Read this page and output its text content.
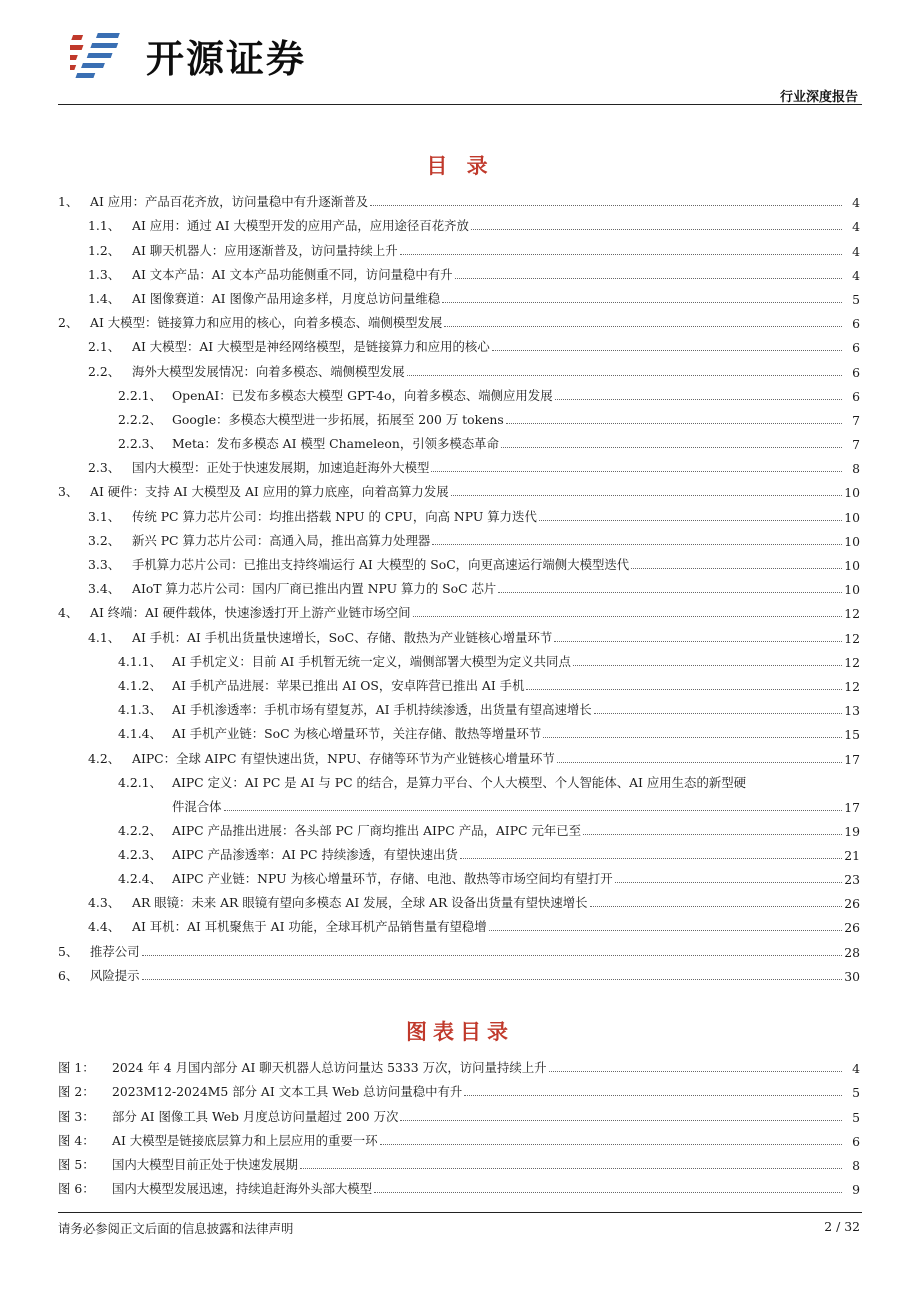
开源证券
行业深度报告
目 录
1、 AI 应用：产品百花齐放，访问量稳中有升逐渐普及	4
1.1、 AI 应用：通过 AI 大模型开发的应用产品，应用途径百花齐放	4
1.2、 AI 聊天机器人：应用逐渐普及，访问量持续上升	4
1.3、 AI 文本产品：AI 文本产品功能侧重不同，访问量稳中有升	4
1.4、 AI 图像赛道：AI 图像产品用途多样，月度总访问量维稳	5
2、 AI 大模型：链接算力和应用的核心，向着多模态、端侧模型发展	6
2.1、 AI 大模型：AI 大模型是神经网络模型，是链接算力和应用的核心	6
2.2、 海外大模型发展情况：向着多模态、端侧模型发展	6
2.2.1、 OpenAI：已发布多模态大模型 GPT-4o，向着多模态、端侧应用发展	6
2.2.2、 Google：多模态大模型进一步拓展，拓展至 200 万 tokens	7
2.2.3、 Meta：发布多模态 AI 模型 Chameleon，引领多模态革命	7
2.3、 国内大模型：正处于快速发展期，加速追赶海外大模型	8
3、 AI 硬件：支持 AI 大模型及 AI 应用的算力底座，向着高算力发展	10
3.1、 传统 PC 算力芯片公司：均推出搭载 NPU 的 CPU，向高 NPU 算力迭代	10
3.2、 新兴 PC 算力芯片公司：高通入局，推出高算力处理器	10
3.3、 手机算力芯片公司：已推出支持终端运行 AI 大模型的 SoC，向更高速运行端侧大模型迭代	10
3.4、 AIoT 算力芯片公司：国内厂商已推出内置 NPU 算力的 SoC 芯片	10
4、 AI 终端：AI 硬件载体，快速渗透打开上游产业链市场空间	12
4.1、 AI 手机：AI 手机出货量快速增长，SoC、存储、散热为产业链核心增量环节	12
4.1.1、 AI 手机定义：目前 AI 手机暂无统一定义，端侧部署大模型为定义共同点	12
4.1.2、 AI 手机产品进展：苹果已推出 AI OS，安卓阵营已推出 AI 手机	12
4.1.3、 AI 手机渗透率：手机市场有望复苏，AI 手机持续渗透，出货量有望高速增长	13
4.1.4、 AI 手机产业链：SoC 为核心增量环节，关注存储、散热等增量环节	15
4.2、 AIPC：全球 AIPC 有望快速出货，NPU、存储等环节为产业链核心增量环节	17
4.2.1、 AIPC 定义：AI PC 是 AI 与 PC 的结合，是算力平台、个人大模型、个人智能体、AI 应用生态的新型硬
件混合体	17
4.2.2、 AIPC 产品推出进展：各头部 PC 厂商均推出 AIPC 产品，AIPC 元年已至	19
4.2.3、 AIPC 产品渗透率：AI PC 持续渗透，有望快速出货	21
4.2.4、 AIPC 产业链：NPU 为核心增量环节，存储、电池、散热等市场空间均有望打开	23
4.3、 AR 眼镜：未来 AR 眼镜有望向多模态 AI 发展，全球 AR 设备出货量有望快速增长	26
4.4、 AI 耳机：AI 耳机聚焦于 AI 功能，全球耳机产品销售量有望稳增	26
5、 推荐公司	28
6、 风险提示	30
图表目录
图 1：	2024 年 4 月国内部分 AI 聊天机器人总访问量达 5333 万次，访问量持续上升	4
图 2：	2023M12-2024M5 部分 AI 文本工具 Web 总访问量稳中有升	5
图 3：	部分 AI 图像工具 Web 月度总访问量超过 200 万次	5
图 4：	AI 大模型是链接底层算力和上层应用的重要一环	6
图 5：	国内大模型目前正处于快速发展期	8
图 6：	国内大模型发展迅速，持续追赶海外头部大模型	9
请务必参阅正文后面的信息披露和法律声明	2 / 32
